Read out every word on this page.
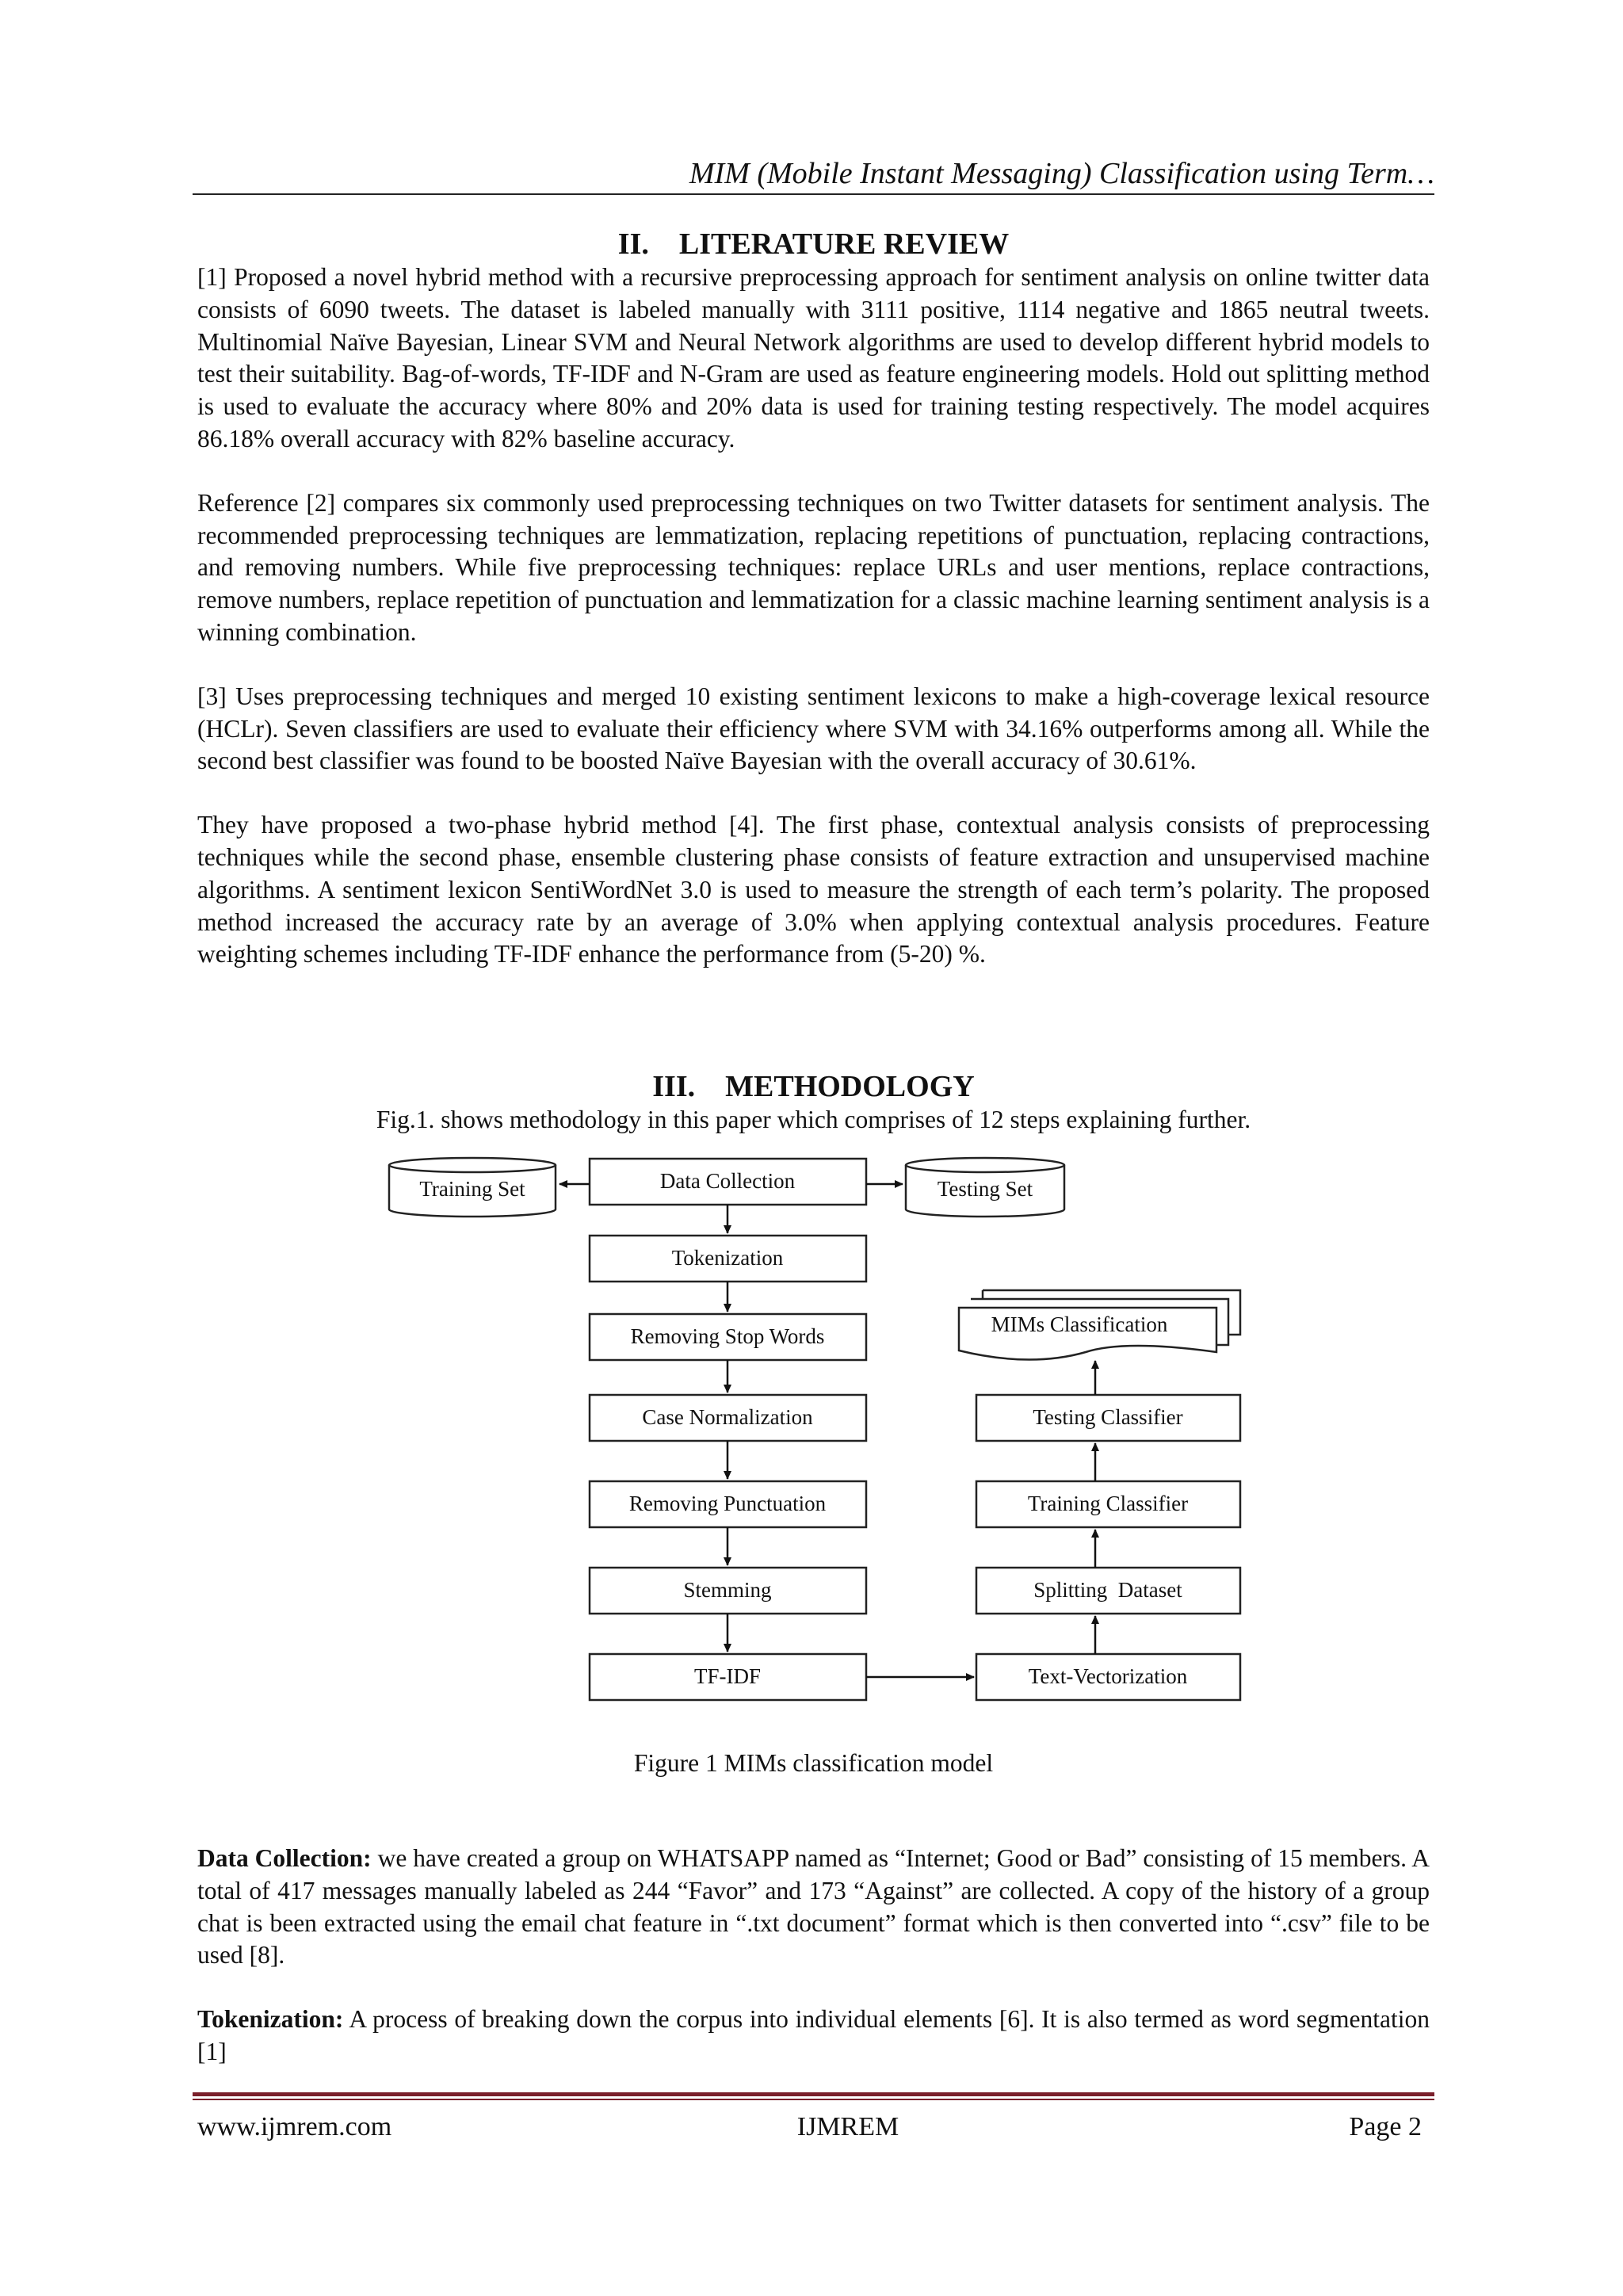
MIM (Mobile Instant Messaging) Classification using Term…
II. LITERATURE REVIEW

[1] Proposed a novel hybrid method with a recursive preprocessing approach for sentiment analysis on online twitter data consists of 6090 tweets. The dataset is labeled manually with 3111 positive, 1114 negative and 1865 neutral tweets. Multinomial Naïve Bayesian, Linear SVM and Neural Network algorithms are used to develop different hybrid models to test their suitability. Bag-of-words, TF-IDF and N-Gram are used as feature engineering models. Hold out splitting method is used to evaluate the accuracy where 80% and 20% data is used for training testing respectively. The model acquires 86.18% overall accuracy with 82% baseline accuracy.

Reference [2] compares six commonly used preprocessing techniques on two Twitter datasets for sentiment analysis. The recommended preprocessing techniques are lemmatization, replacing repetitions of punctuation, replacing contractions, and removing numbers. While five preprocessing techniques: replace URLs and user mentions, replace contractions, remove numbers, replace repetition of punctuation and lemmatization for a classic machine learning sentiment analysis is a winning combination.

[3] Uses preprocessing techniques and merged 10 existing sentiment lexicons to make a high-coverage lexical resource (HCLr). Seven classifiers are used to evaluate their efficiency where SVM with 34.16% outperforms among all. While the second best classifier was found to be boosted Naïve Bayesian with the overall accuracy of 30.61%.

They have proposed a two-phase hybrid method [4]. The first phase, contextual analysis consists of preprocessing techniques while the second phase, ensemble clustering phase consists of feature extraction and unsupervised machine algorithms. A sentiment lexicon SentiWordNet 3.0 is used to measure the strength of each term’s polarity. The proposed method increased the accuracy rate by an average of 3.0% when applying contextual analysis procedures. Feature weighting schemes including TF-IDF enhance the performance from (5-20) %.

III. METHODOLOGY
Fig.1. shows methodology in this paper which comprises of 12 steps explaining further.
Training Set	Testing Set
Data Collection
Tokenization
Removing Stop Words
Case Normalization
Removing Punctuation
Stemming
TF-IDF	Text-Vectorization
Splitting  Dataset
Training Classifier
Testing Classifier
MIMs Classification
Figure 1 MIMs classification model

Data Collection: we have created a group on WHATSAPP named as “Internet; Good or Bad” consisting of 15 members. A total of 417 messages manually labeled as 244 “Favor” and 173 “Against” are collected. A copy of the history of a group chat is been extracted using the email chat feature in “.txt document” format which is then converted into “.csv” file to be used [8].

Tokenization: A process of breaking down the corpus into individual elements [6]. It is also termed as word segmentation [1]

www.ijmrem.com	IJMREM	Page 2
